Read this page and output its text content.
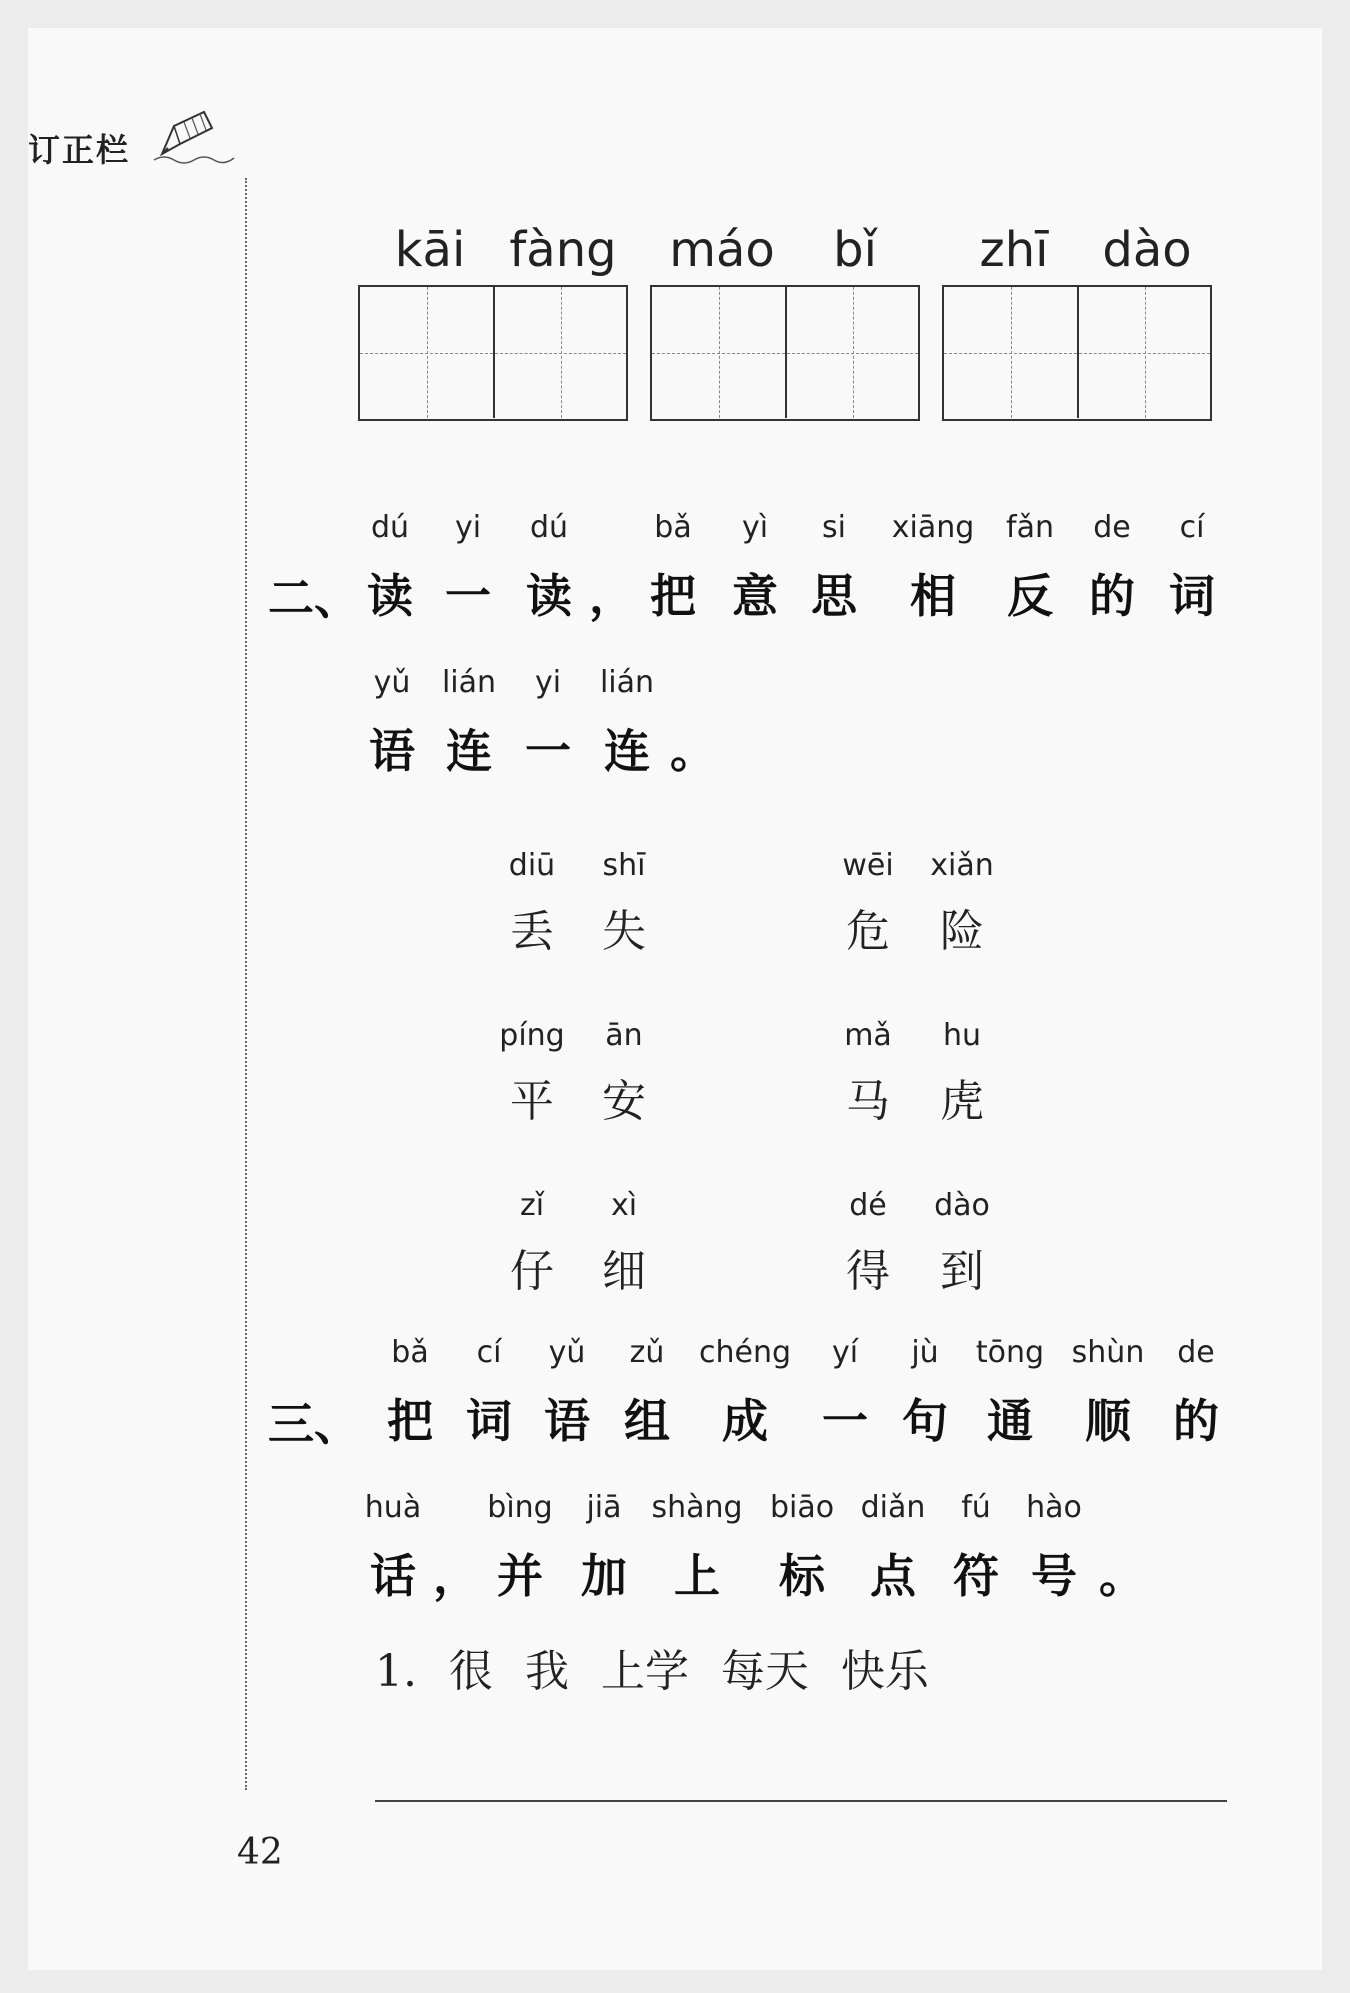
订正栏
kāi fàng máo bǐ zhī dào
二、
dú
读
yi
一
dú
读 ，
bǎ
把
yì
意
si
思
xiāng
相
fǎn
反
de
的
cí
词
yǔ
语
lián
连
yi
一
lián
连 。
diū
丢
shī
失
wēi
危
xiǎn
险
píng
平
ān
安
mǎ
马
hu
虎
zǐ
仔
xì
细
dé
得
dào
到
三、
bǎ
把
cí
词
yǔ
语
zǔ
组
chéng
成
yí
一
jù
句
tōng
通
shùn
顺
de
的
huà
话 ，
bìng
并
jiā
加
shàng
上
biāo
标
diǎn
点
fú
符
hào
号 。
1. 很 我 上学 每天 快乐
42
